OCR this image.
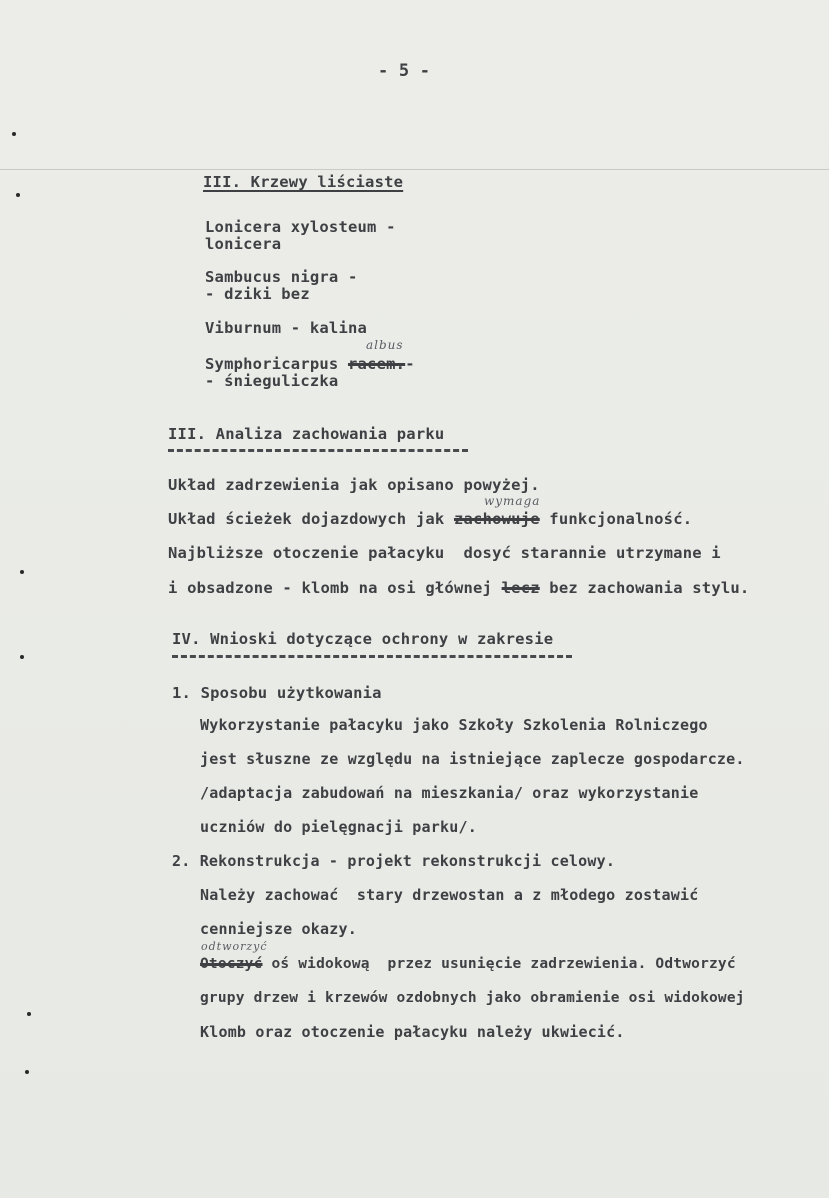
- 5 -
III. Krzewy liściaste
Lonicera xylosteum -
lonicera
Sambucus nigra -
- dziki bez
Viburnum - kalina
albus
Symphoricarpus racem.-
- śnieguliczka
III. Analiza zachowania parku
Układ zadrzewienia jak opisano powyżej.
wymaga
Układ ścieżek dojazdowych jak zachowuje funkcjonalność.
Najbliższe otoczenie pałacyku  dosyć starannie utrzymane i
i obsadzone - klomb na osi głównej lecz bez zachowania stylu.
IV. Wnioski dotyczące ochrony w zakresie
1. Sposobu użytkowania
Wykorzystanie pałacyku jako Szkoły Szkolenia Rolniczego
jest słuszne ze względu na istniejące zaplecze gospodarcze.
/adaptacja zabudowań na mieszkania/ oraz wykorzystanie
uczniów do pielęgnacji parku/.
2. Rekonstrukcja - projekt rekonstrukcji celowy.
Należy zachować  stary drzewostan a z młodego zostawić
cenniejsze okazy.
odtworzyć
Otoczyć oś widokową  przez usunięcie zadrzewienia. Odtworzyć
grupy drzew i krzewów ozdobnych jako obramienie osi widokowej
Klomb oraz otoczenie pałacyku należy ukwiecić.
